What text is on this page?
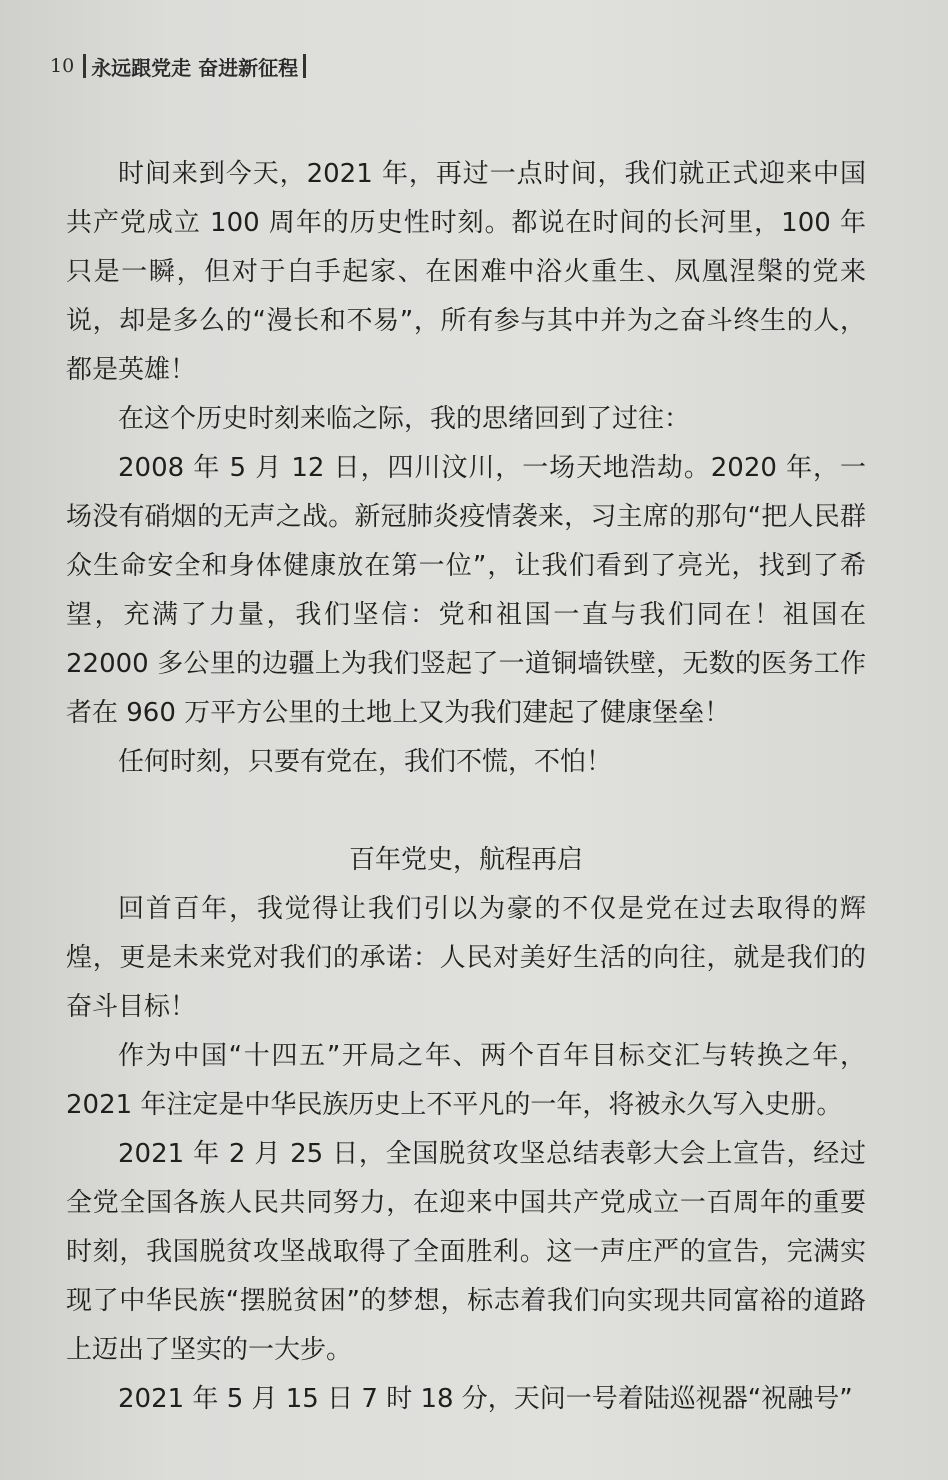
10 永远跟党走 奋进新征程

时间来到今天，2021 年，再过一点时间，我们就正式迎来中国共产党成立 100 周年的历史性时刻。都说在时间的长河里，100 年只是一瞬，但对于白手起家、在困难中浴火重生、凤凰涅槃的党来说，却是多么的“漫长和不易”，所有参与其中并为之奋斗终生的人，都是英雄！

在这个历史时刻来临之际，我的思绪回到了过往：

2008 年 5 月 12 日，四川汶川，一场天地浩劫。2020 年，一场没有硝烟的无声之战。新冠肺炎疫情袭来，习主席的那句“把人民群众生命安全和身体健康放在第一位”，让我们看到了亮光，找到了希望，充满了力量，我们坚信：党和祖国一直与我们同在！祖国在 22000 多公里的边疆上为我们竖起了一道铜墙铁壁，无数的医务工作者在 960 万平方公里的土地上又为我们建起了健康堡垒！

任何时刻，只要有党在，我们不慌，不怕！

百年党史，航程再启

回首百年，我觉得让我们引以为豪的不仅是党在过去取得的辉煌，更是未来党对我们的承诺：人民对美好生活的向往，就是我们的奋斗目标！

作为中国“十四五”开局之年、两个百年目标交汇与转换之年，2021 年注定是中华民族历史上不平凡的一年，将被永久写入史册。

2021 年 2 月 25 日，全国脱贫攻坚总结表彰大会上宣告，经过全党全国各族人民共同努力，在迎来中国共产党成立一百周年的重要时刻，我国脱贫攻坚战取得了全面胜利。这一声庄严的宣告，完满实现了中华民族“摆脱贫困”的梦想，标志着我们向实现共同富裕的道路上迈出了坚实的一大步。

2021 年 5 月 15 日 7 时 18 分，天问一号着陆巡视器“祝融号”
